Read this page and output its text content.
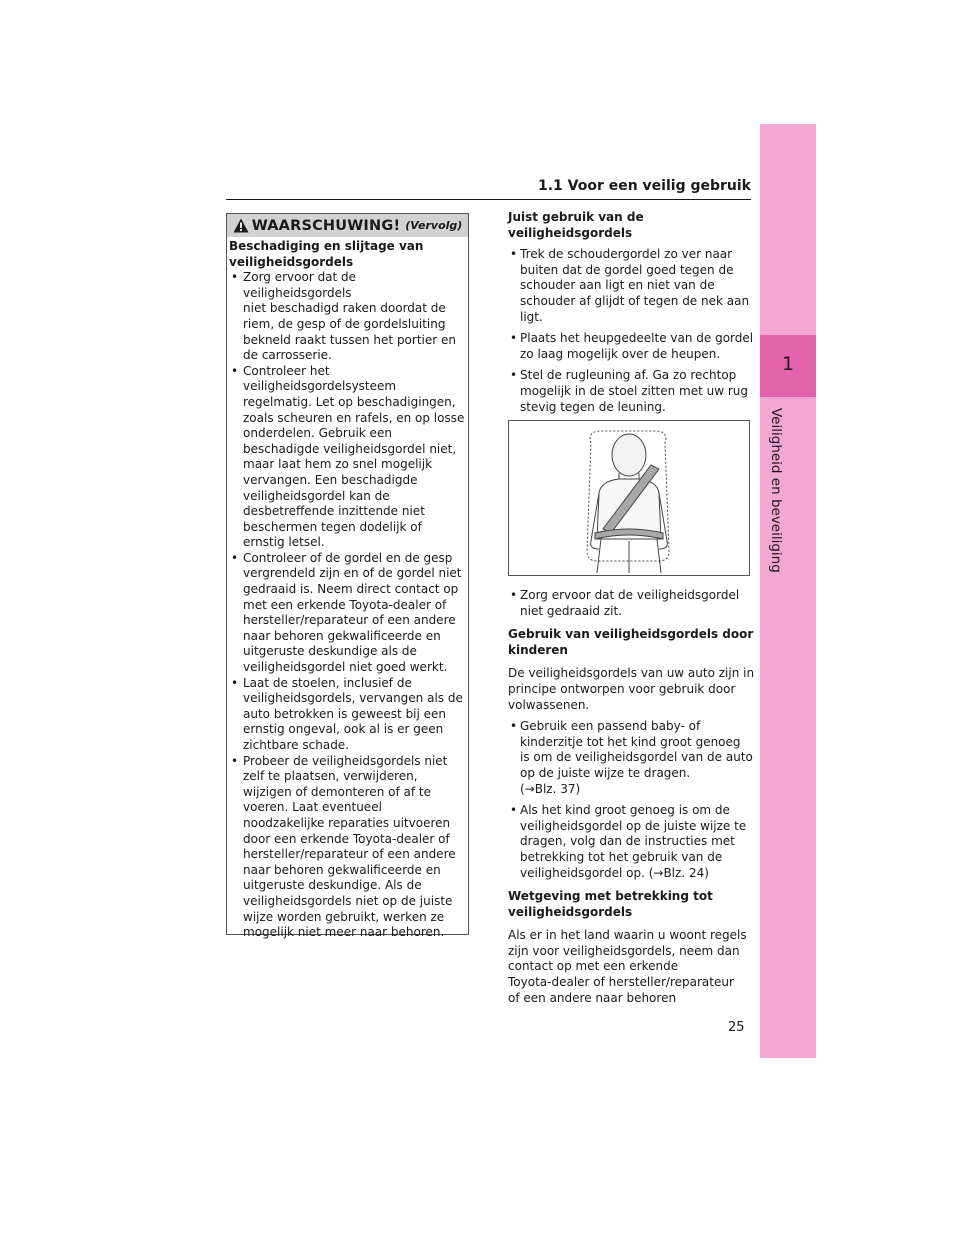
1
Veiligheid en beveiliging
1.1 Voor een veilig gebruik
WAARSCHUWING! (Vervolg)
Beschadiging en slijtage van
veiligheidsgordels
• Zorg ervoor dat de veiligheidsgordels
niet beschadigd raken doordat de
riem, de gesp of de gordelsluiting
bekneld raakt tussen het portier en
de carrosserie.
• Controleer het
veiligheidsgordelsysteem
regelmatig. Let op beschadigingen,
zoals scheuren en rafels, en op losse
onderdelen. Gebruik een
beschadigde veiligheidsgordel niet,
maar laat hem zo snel mogelijk
vervangen. Een beschadigde
veiligheidsgordel kan de
desbetreffende inzittende niet
beschermen tegen dodelijk of
ernstig letsel.
• Controleer of de gordel en de gesp
vergrendeld zijn en of de gordel niet
gedraaid is. Neem direct contact op
met een erkende Toyota-dealer of
hersteller/reparateur of een andere
naar behoren gekwalificeerde en
uitgeruste deskundige als de
veiligheidsgordel niet goed werkt.
• Laat de stoelen, inclusief de
veiligheidsgordels, vervangen als de
auto betrokken is geweest bij een
ernstig ongeval, ook al is er geen
zichtbare schade.
• Probeer de veiligheidsgordels niet
zelf te plaatsen, verwijderen,
wijzigen of demonteren of af te
voeren. Laat eventueel
noodzakelijke reparaties uitvoeren
door een erkende Toyota-dealer of
hersteller/reparateur of een andere
naar behoren gekwalificeerde en
uitgeruste deskundige. Als de
veiligheidsgordels niet op de juiste
wijze worden gebruikt, werken ze
mogelijk niet meer naar behoren.
Juist gebruik van de veiligheidsgordels
• Trek de schoudergordel zo ver naar
buiten dat de gordel goed tegen de
schouder aan ligt en niet van de
schouder af glijdt of tegen de nek aan
ligt.
• Plaats het heupgedeelte van de gordel
zo laag mogelijk over de heupen.
• Stel de rugleuning af. Ga zo rechtop
mogelijk in de stoel zitten met uw rug
stevig tegen de leuning.
• Zorg ervoor dat de veiligheidsgordel
niet gedraaid zit.
Gebruik van veiligheidsgordels door
kinderen
De veiligheidsgordels van uw auto zijn in
principe ontworpen voor gebruik door
volwassenen.
• Gebruik een passend baby- of
kinderzitje tot het kind groot genoeg
is om de veiligheidsgordel van de auto
op de juiste wijze te dragen.
(→Blz. 37)
• Als het kind groot genoeg is om de
veiligheidsgordel op de juiste wijze te
dragen, volg dan de instructies met
betrekking tot het gebruik van de
veiligheidsgordel op. (→Blz. 24)
Wetgeving met betrekking tot
veiligheidsgordels
Als er in het land waarin u woont regels
zijn voor veiligheidsgordels, neem dan
contact op met een erkende
Toyota-dealer of hersteller/reparateur
of een andere naar behoren
25
